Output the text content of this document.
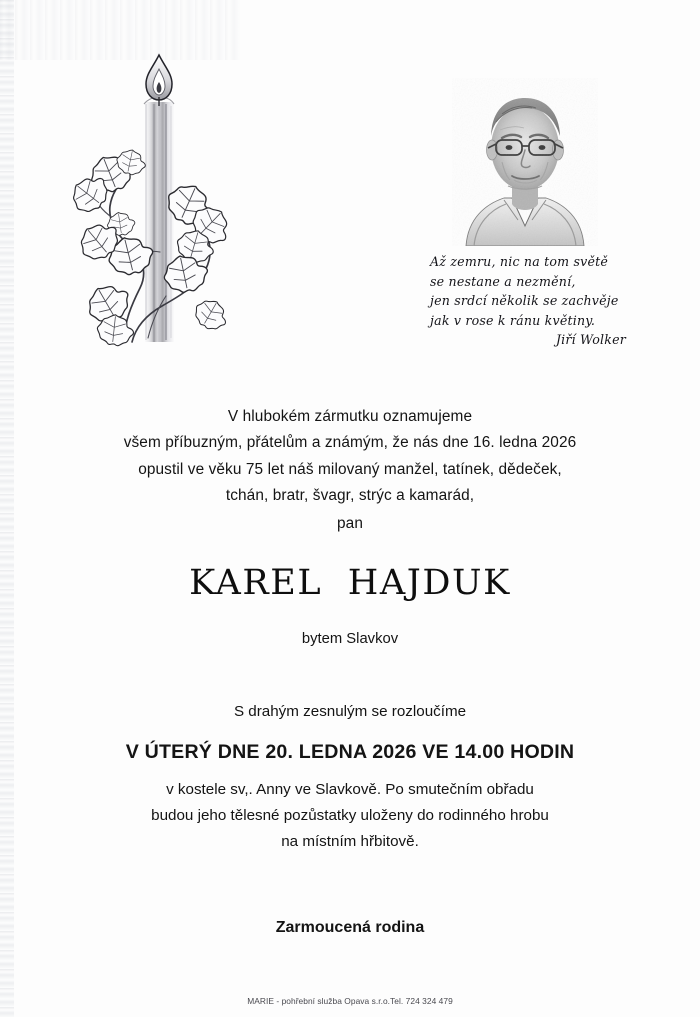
Až zemru, nic na tom světě
se nestane a nezmění,
jen srdcí několik se zachvěje
jak v rose k ránu květiny.
Jiří Wolker
V hlubokém zármutku oznamujeme
všem příbuzným, přátelům a známým, že nás dne 16. ledna 2026
opustil ve věku 75 let náš milovaný manžel, tatínek, dědeček,
tchán, bratr, švagr, strýc a kamarád,
pan
KAREL  HAJDUK
bytem Slavkov
S drahým zesnulým se rozloučíme
V ÚTERÝ DNE 20. LEDNA 2026 VE 14.00 HODIN
v kostele sv,. Anny ve Slavkově. Po smutečním obřadu
budou jeho tělesné pozůstatky uloženy do rodinného hrobu
na místním hřbitově.
Zarmoucená rodina
MARIE - pohřební služba Opava s.r.o.Tel. 724 324 479
